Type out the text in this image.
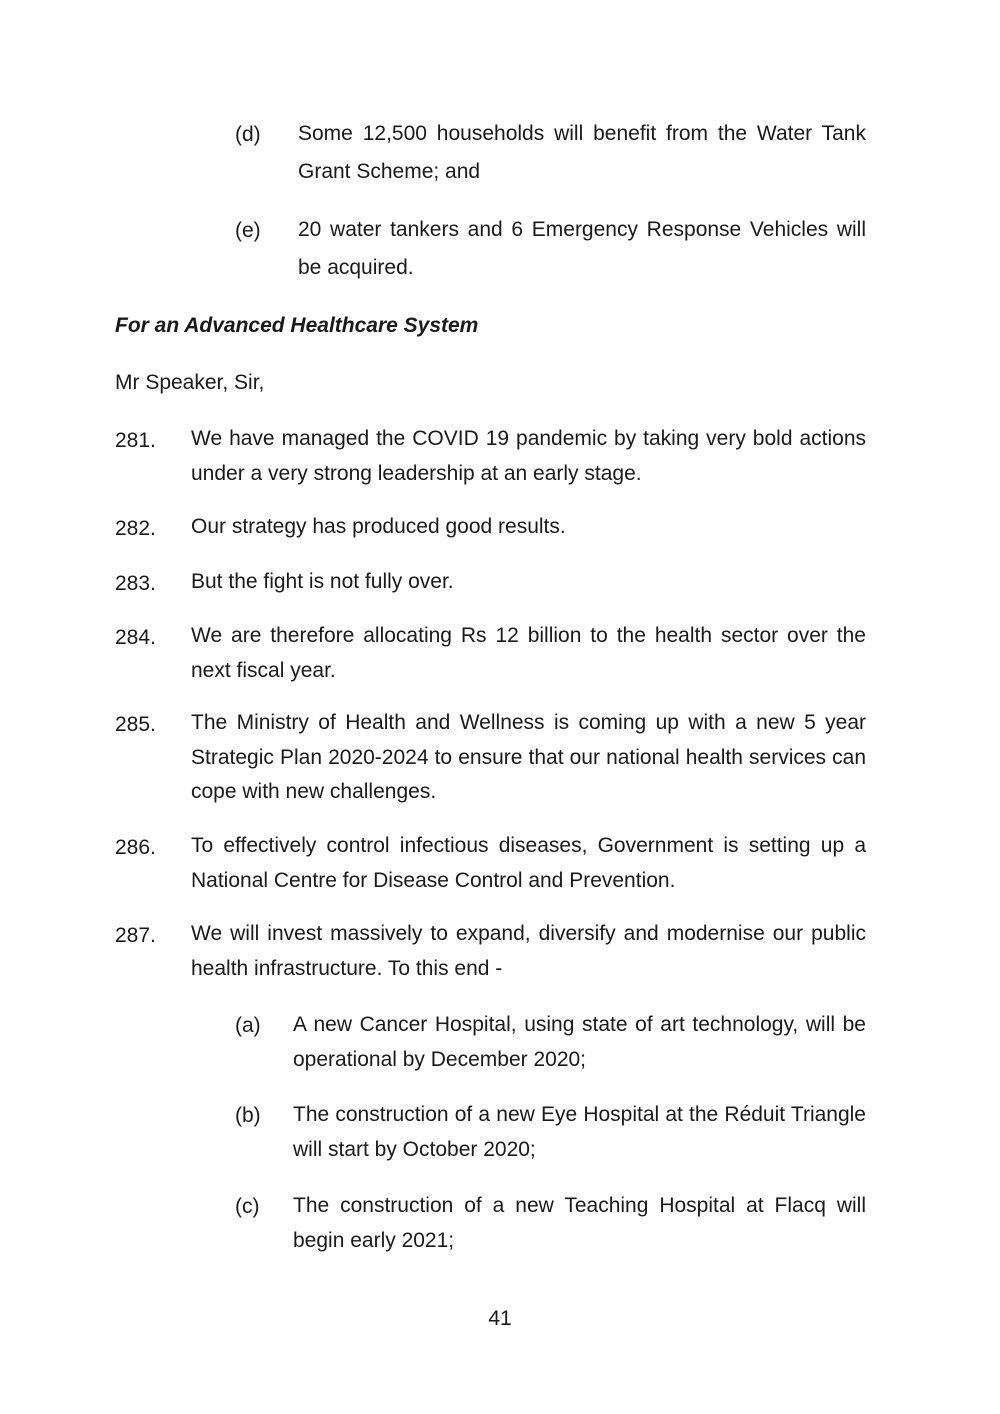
(d) Some 12,500 households will benefit from the Water Tank Grant Scheme; and
(e) 20 water tankers and 6 Emergency Response Vehicles will be acquired.
For an Advanced Healthcare System
Mr Speaker, Sir,
281. We have managed the COVID 19 pandemic by taking very bold actions under a very strong leadership at an early stage.
282. Our strategy has produced good results.
283. But the fight is not fully over.
284. We are therefore allocating Rs 12 billion to the health sector over the next fiscal year.
285. The Ministry of Health and Wellness is coming up with a new 5 year Strategic Plan 2020-2024 to ensure that our national health services can cope with new challenges.
286. To effectively control infectious diseases, Government is setting up a National Centre for Disease Control and Prevention.
287. We will invest massively to expand, diversify and modernise our public health infrastructure. To this end -
(a) A new Cancer Hospital, using state of art technology, will be operational by December 2020;
(b) The construction of a new Eye Hospital at the Réduit Triangle will start by October 2020;
(c) The construction of a new Teaching Hospital at Flacq will begin early 2021;
41
